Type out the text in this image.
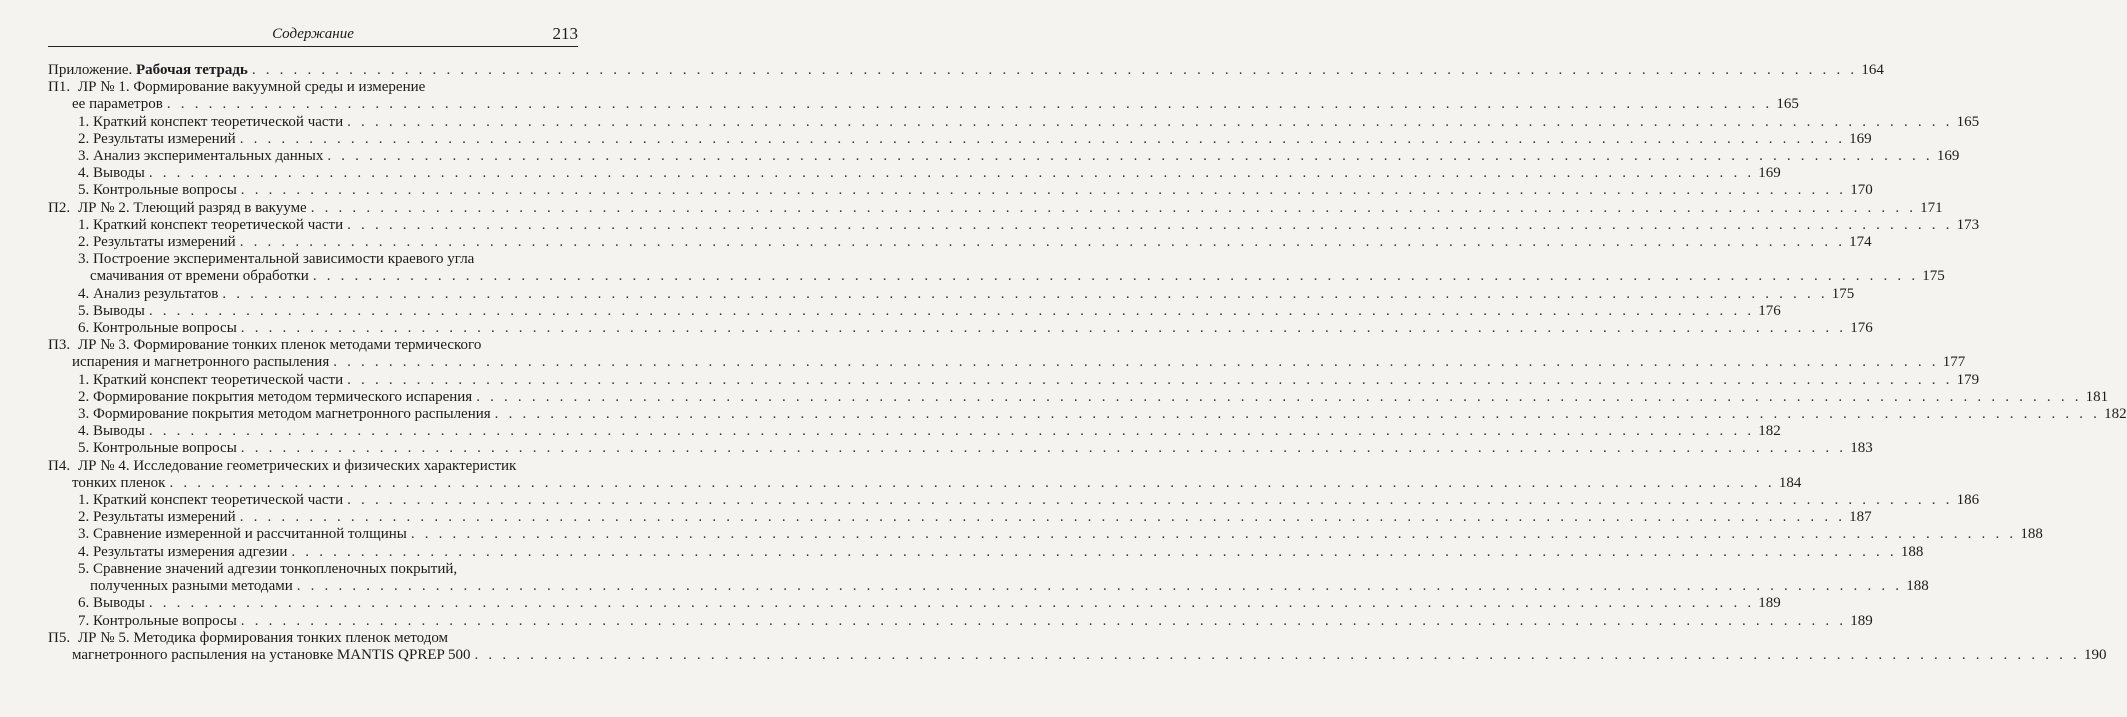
Содержание	213
Приложение. Рабочая тетрадь . . .	164
П1. ЛР № 1. Формирование вакуумной среды и измерение
ее параметров . . .	165
1. Краткий конспект теоретической части . . .	165
2. Результаты измерений . . .	169
3. Анализ экспериментальных данных . . .	169
4. Выводы . . .	169
5. Контрольные вопросы . . .	170
П2. ЛР № 2. Тлеющий разряд в вакууме . . .	171
1. Краткий конспект теоретической части . . .	173
2. Результаты измерений . . .	174
3. Построение экспериментальной зависимости краевого угла
смачивания от времени обработки . . .	175
4. Анализ результатов . . .	175
5. Выводы . . .	176
6. Контрольные вопросы . . .	176
П3. ЛР № 3. Формирование тонких пленок методами термического
испарения и магнетронного распыления . . .	177
1. Краткий конспект теоретической части . . .	179
2. Формирование покрытия методом термического испарения . . .	181
3. Формирование покрытия методом магнетронного распыления . . .	182
4. Выводы . . .	182
5. Контрольные вопросы . . .	183
П4. ЛР № 4. Исследование геометрических и физических характеристик
тонких пленок . . .	184
1. Краткий конспект теоретической части . . .	186
2. Результаты измерений . . .	187
3. Сравнение измеренной и рассчитанной толщины . . .	188
4. Результаты измерения адгезии . . .	188
5. Сравнение значений адгезии тонкопленочных покрытий,
полученных разными методами . . .	188
6. Выводы . . .	189
7. Контрольные вопросы . . .	189
П5. ЛР № 5. Методика формирования тонких пленок методом
магнетронного распыления на установке MANTIS QPREP 500 . . .	190
